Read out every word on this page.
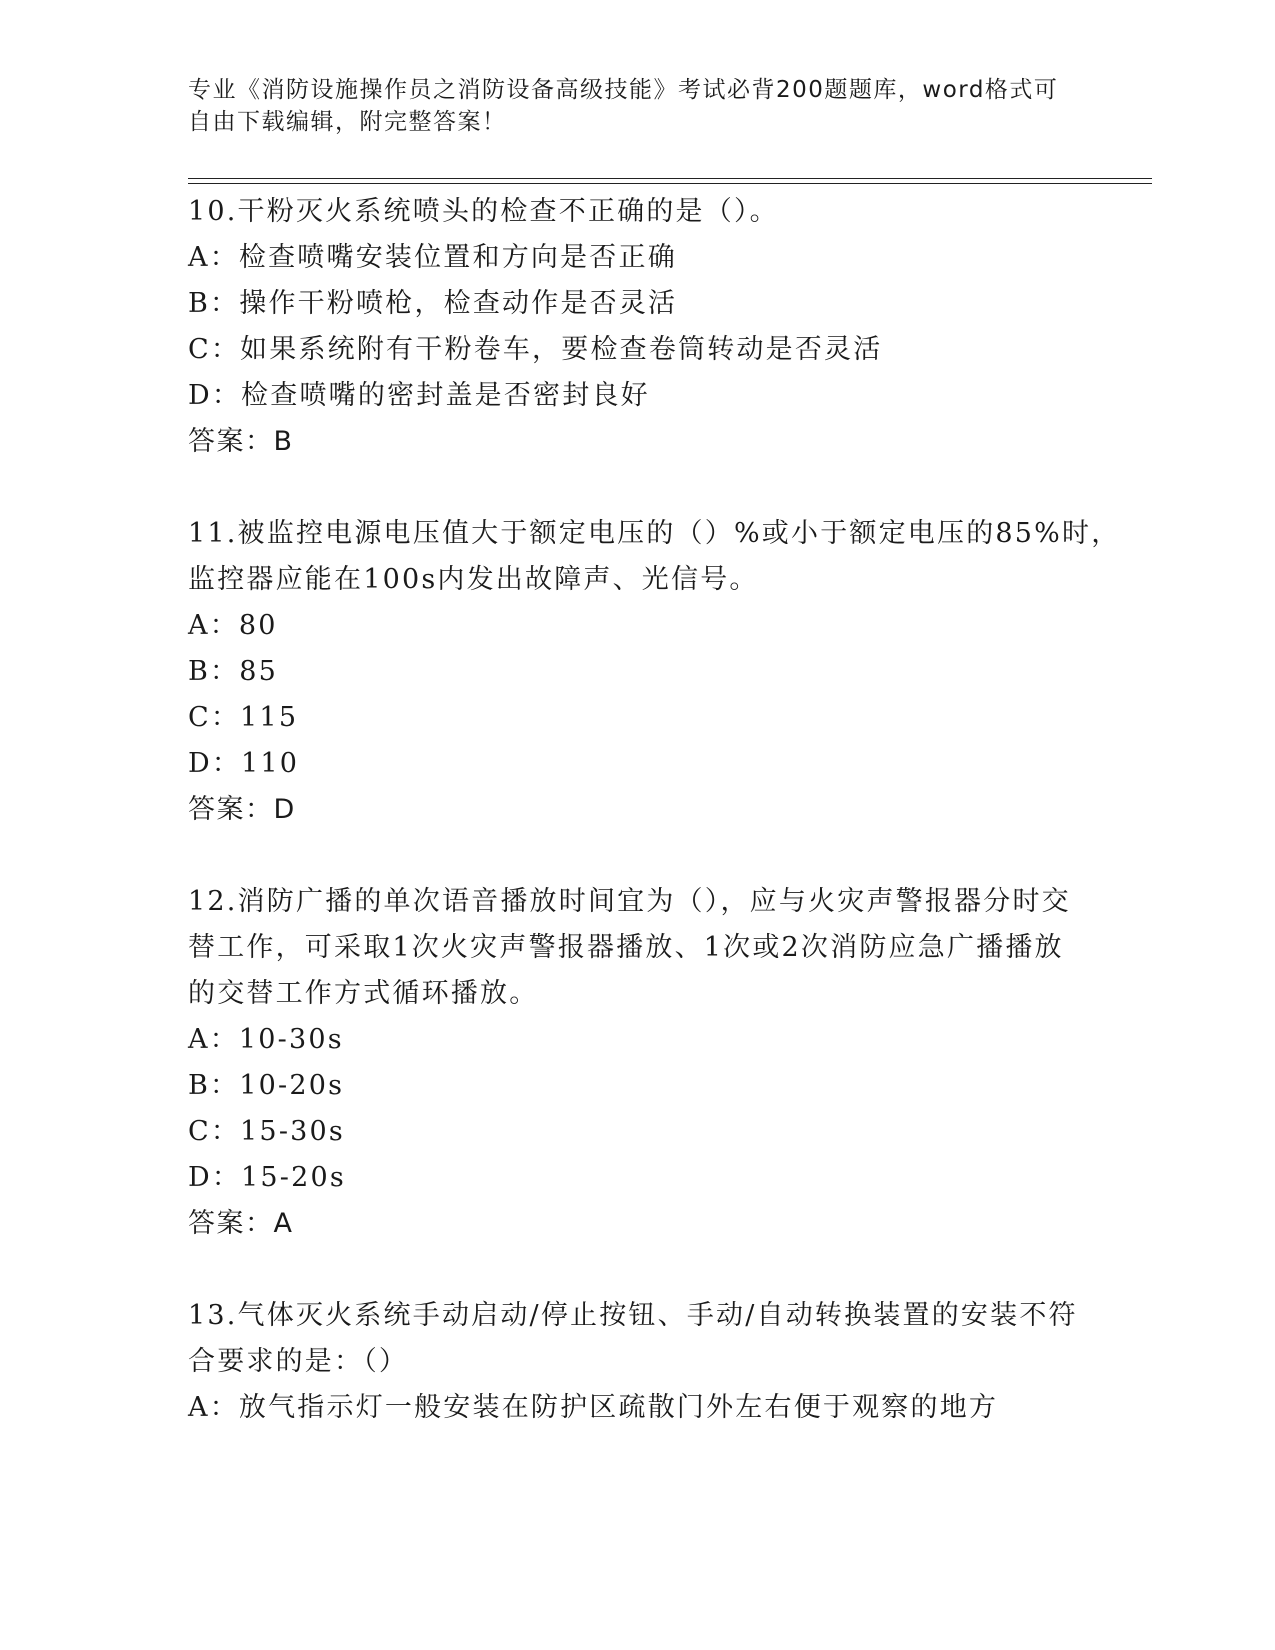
专业《消防设施操作员之消防设备高级技能》考试必背200题题库，word格式可
自由下载编辑，附完整答案！
10.干粉灭火系统喷头的检查不正确的是（）。
A：检查喷嘴安装位置和方向是否正确
B：操作干粉喷枪，检查动作是否灵活
C：如果系统附有干粉卷车，要检查卷筒转动是否灵活
D：检查喷嘴的密封盖是否密封良好
答案：B
11.被监控电源电压值大于额定电压的（）%或小于额定电压的85%时，
监控器应能在100s内发出故障声、光信号。
A：80
B：85
C：115
D：110
答案：D
12.消防广播的单次语音播放时间宜为（），应与火灾声警报器分时交
替工作，可采取1次火灾声警报器播放、1次或2次消防应急广播播放
的交替工作方式循环播放。
A：10-30s
B：10-20s
C：15-30s
D：15-20s
答案：A
13.气体灭火系统手动启动/停止按钮、手动/自动转换装置的安装不符
合要求的是：（）
A：放气指示灯一般安装在防护区疏散门外左右便于观察的地方
